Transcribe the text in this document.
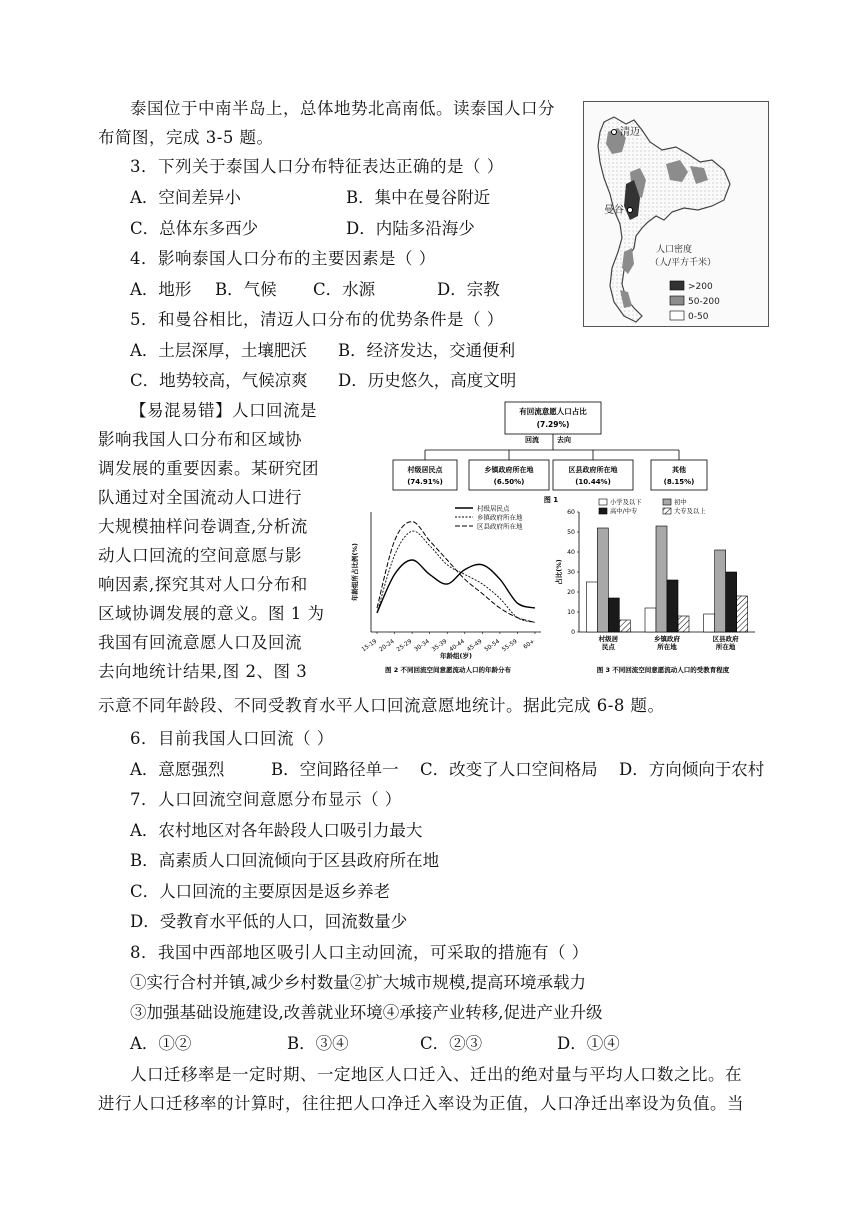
泰国位于中南半岛上，总体地势北高南低。读泰国人口分
布简图，完成 3-5 题。
3．下列关于泰国人口分布特征表达正确的是（ ）
A．空间差异小	B．集中在曼谷附近
C．总体东多西少	D．内陆多沿海少
4．影响泰国人口分布的主要因素是（ ）
A．地形 B．气候 C．水源	D．宗教
5．和曼谷相比，清迈人口分布的优势条件是（ ）
A．土层深厚，土壤肥沃 B．经济发达，交通便利
C．地势较高，气候凉爽 D．历史悠久，高度文明
清迈
曼谷
人口密度
（人/平方千米）
>200
50-200
0-50
【易混易错】人口回流是
影响我国人口分布和区域协
调发展的重要因素。某研究团
队通过对全国流动人口进行
大规模抽样问卷调查,分析流
动人口回流的空间意愿与影
响因素,探究其对人口分布和
区域协调发展的意义。图 1 为
我国有回流意愿人口及回流
去向地统计结果,图 2、图 3
示意不同年龄段、不同受教育水平人口回流意愿地统计。据此完成 6-8 题。
有回流意愿人口占比
(7.29%)
回流	去向
村级居民点
(74.91%)
乡镇政府所在地
(6.50%)
区县政府所在地
(10.44%)
其他
(8.15%)
图 1
年龄组所占比例(%)
15-19 20-24 25-29 30-34 35-39 40-44 45-49 50-54 55-59 60+
年龄组(岁)
村级居民点
乡镇政府所在地
区县政府所在地
0
10
20
30
40
50
60
占比(%)
村级居
民点
乡镇政府
所在地
区县政府
所在地
小学及以下	初中
高中/中专	大专及以上
图 2 不同回流空间意愿流动人口的年龄分布	图 3 不同回流空间意愿流动人口的受教育程度
6．目前我国人口回流（ ）
A．意愿强烈	B．空间路径单一 C．改变了人口空间格局 D．方向倾向于农村
7．人口回流空间意愿分布显示（ ）
A．农村地区对各年龄段人口吸引力最大
B．高素质人口回流倾向于区县政府所在地
C．人口回流的主要原因是返乡养老
D．受教育水平低的人口，回流数量少
8．我国中西部地区吸引人口主动回流，可采取的措施有（ ）
①实行合村并镇,减少乡村数量②扩大城市规模,提高环境承载力
③加强基础设施建设,改善就业环境④承接产业转移,促进产业升级
A．①②	B．③④	C．②③	D．①④
人口迁移率是一定时期、一定地区人口迁入、迁出的绝对量与平均人口数之比。在
进行人口迁移率的计算时，往往把人口净迁入率设为正值，人口净迁出率设为负值。当
